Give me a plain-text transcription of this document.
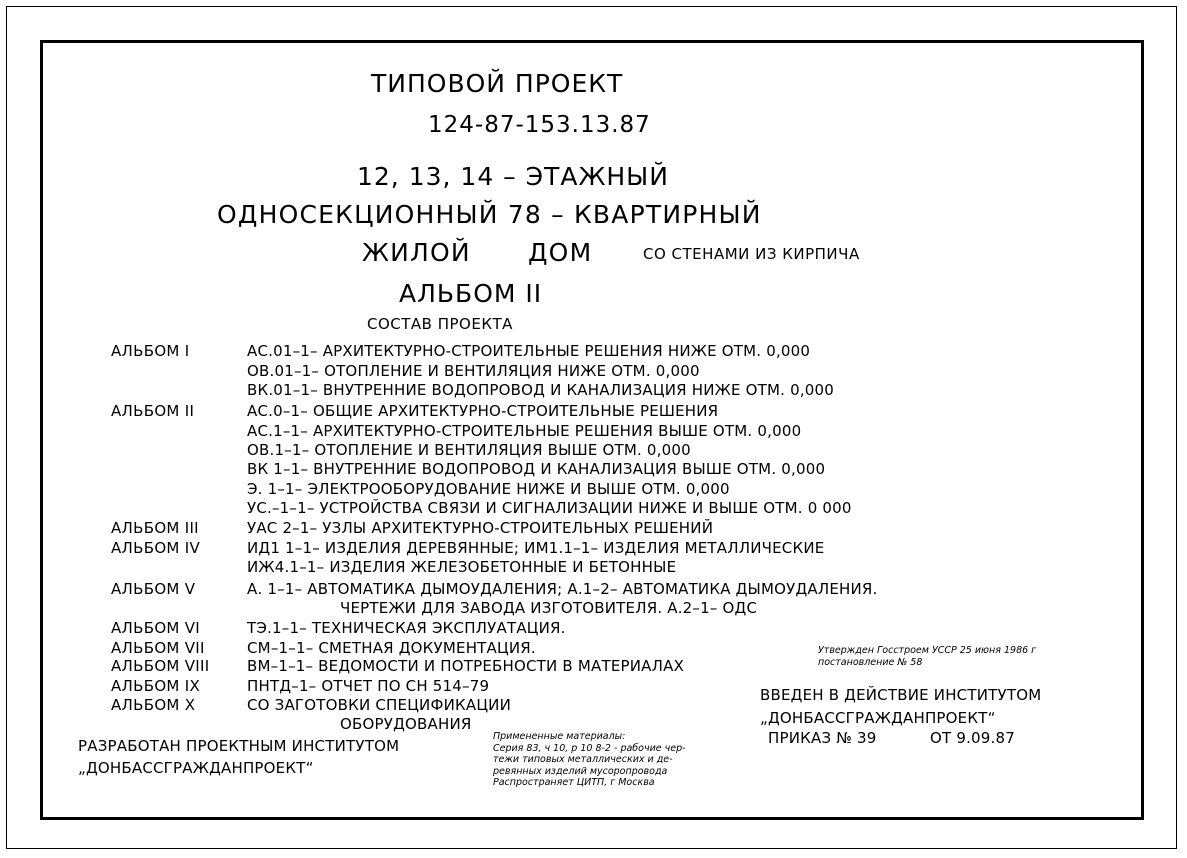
ТИПОВОЙ ПРОЕКТ
124-87-153.13.87
12, 13, 14 – ЭТАЖНЫЙ
ОДНОСЕКЦИОННЫЙ 78 – КВАРТИРНЫЙ
ЖИЛОЙ ДОМ	СО СТЕНАМИ ИЗ КИРПИЧА
АЛЬБОМ II
СОСТАВ ПРОЕКТА
АЛЬБОМ I	АС.01–1– АРХИТЕКТУРНО-СТРОИТЕЛЬНЫЕ РЕШЕНИЯ НИЖЕ ОТМ. 0,000
ОВ.01–1– ОТОПЛЕНИЕ И ВЕНТИЛЯЦИЯ НИЖЕ ОТМ. 0,000
ВК.01–1– ВНУТРЕННИЕ ВОДОПРОВОД И КАНАЛИЗАЦИЯ НИЖЕ ОТМ. 0,000
АЛЬБОМ II	АС.0–1– ОБЩИЕ АРХИТЕКТУРНО-СТРОИТЕЛЬНЫЕ РЕШЕНИЯ
АС.1–1– АРХИТЕКТУРНО-СТРОИТЕЛЬНЫЕ РЕШЕНИЯ ВЫШЕ ОТМ. 0,000
ОВ.1–1– ОТОПЛЕНИЕ И ВЕНТИЛЯЦИЯ ВЫШЕ ОТМ. 0,000
ВК 1–1– ВНУТРЕННИЕ ВОДОПРОВОД И КАНАЛИЗАЦИЯ ВЫШЕ ОТМ. 0,000
Э. 1–1– ЭЛЕКТРООБОРУДОВАНИЕ НИЖЕ И ВЫШЕ ОТМ. 0,000
УС.–1–1– УСТРОЙСТВА СВЯЗИ И СИГНАЛИЗАЦИИ НИЖЕ И ВЫШЕ ОТМ. 0 000
АЛЬБОМ III	УАС 2–1– УЗЛЫ АРХИТЕКТУРНО-СТРОИТЕЛЬНЫХ РЕШЕНИЙ
АЛЬБОМ IV	ИД1 1–1– ИЗДЕЛИЯ ДЕРЕВЯННЫЕ; ИМ1.1–1– ИЗДЕЛИЯ МЕТАЛЛИЧЕСКИЕ
ИЖ4.1–1– ИЗДЕЛИЯ ЖЕЛЕЗОБЕТОННЫЕ И БЕТОННЫЕ
АЛЬБОМ V	А. 1–1– АВТОМАТИКА ДЫМОУДАЛЕНИЯ; А.1–2– АВТОМАТИКА ДЫМОУДАЛЕНИЯ.
ЧЕРТЕЖИ ДЛЯ ЗАВОДА ИЗГОТОВИТЕЛЯ. А.2–1– ОДС
АЛЬБОМ VI	ТЭ.1–1– ТЕХНИЧЕСКАЯ ЭКСПЛУАТАЦИЯ.
АЛЬБОМ VII	СМ–1–1– СМЕТНАЯ ДОКУМЕНТАЦИЯ.
АЛЬБОМ VIII	ВМ–1–1– ВЕДОМОСТИ И ПОТРЕБНОСТИ В МАТЕРИАЛАХ
АЛЬБОМ IX	ПНТД–1– ОТЧЕТ ПО СН 514–79
АЛЬБОМ X	СО ЗАГОТОВКИ СПЕЦИФИКАЦИИ
ОБОРУДОВАНИЯ
Утвержден Госстроем УССР 25 июня 1986 г
постановление № 58
ВВЕДЕН В ДЕЙСТВИЕ ИНСТИТУТОМ
„ДОНБАССГРАЖДАНПРОЕКТ“
ПРИКАЗ № 39	ОТ 9.09.87
РАЗРАБОТАН ПРОЕКТНЫМ ИНСТИТУТОМ
„ДОНБАССГРАЖДАНПРОЕКТ“
Примененные материалы:
Серия 83, ч 10, р 10 8-2 - рабочие чер-
тежи типовых металлических и де-
ревянных изделий мусоропровода
Распространяет ЦИТП, г Москва
